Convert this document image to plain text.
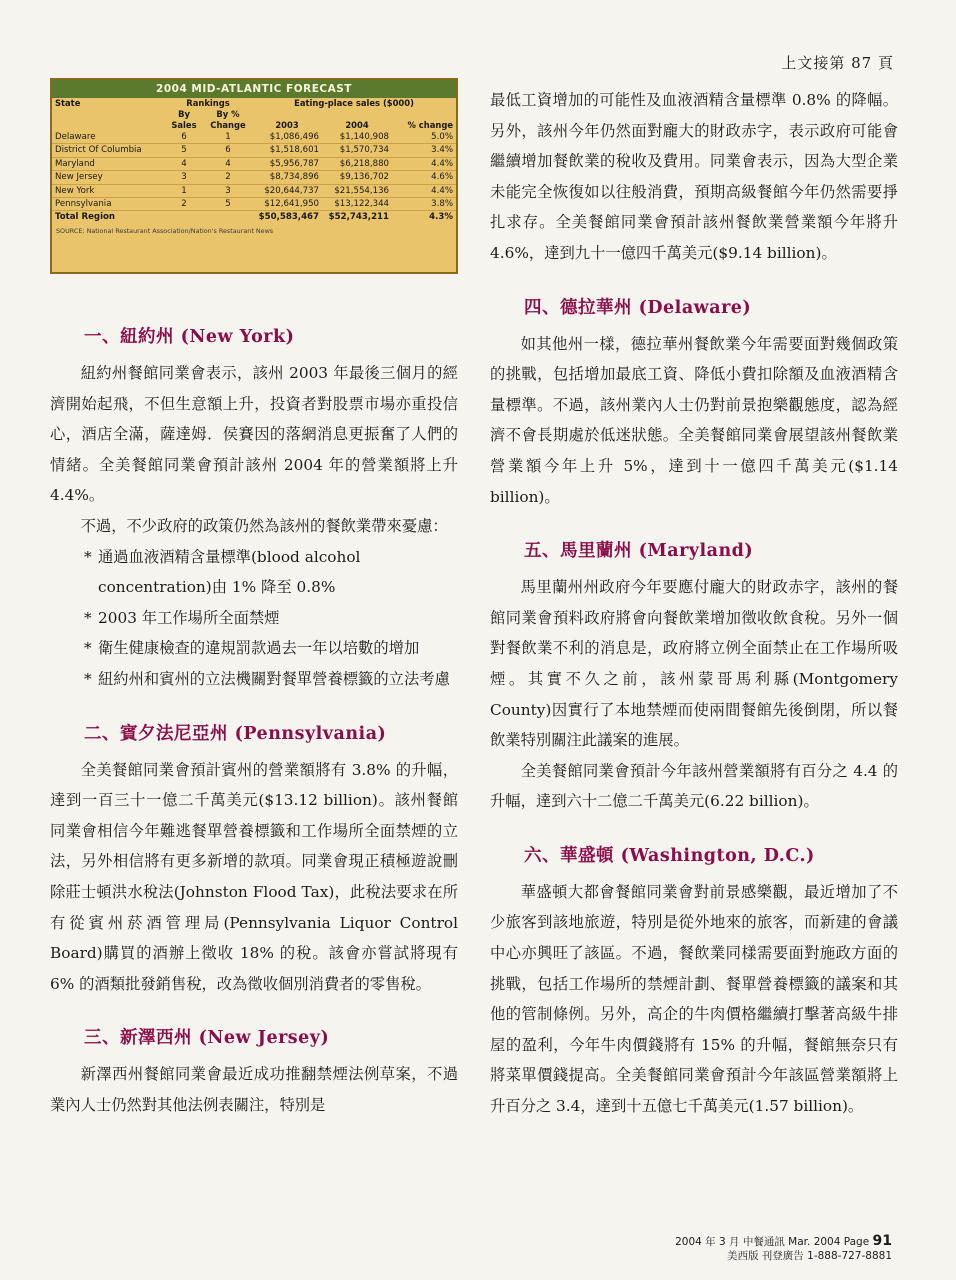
上文接第 87 頁
2004 MID-ATLANTIC FORECAST
State	Rankings		Eating-place sales ($000)		
	By Sales	By % Change	2003	2004	% change
Delaware	6	1	$1,086,496	$1,140,908	5.0%
District Of Columbia	5	6	$1,518,601	$1,570,734	3.4%
Maryland	4	4	$5,956,787	$6,218,880	4.4%
New Jersey	3	2	$8,734,896	$9,136,702	4.6%
New York	1	3	$20,644,737	$21,554,136	4.4%
Pennsylvania	2	5	$12,641,950	$13,122,344	3.8%
Total Region			$50,583,467	$52,743,211	4.3%
SOURCE: National Restaurant Association/Nation's Restaurant News
一、紐約州 (New York)

紐約州餐館同業會表示，該州 2003 年最後三個月的經濟開始起飛，不但生意額上升，投資者對股票市場亦重投信心，酒店全滿，薩達姆．侯賽因的落網消息更振奮了人們的情緒。全美餐館同業會預計該州 2004 年的營業額將上升 4.4%。

不過，不少政府的政策仍然為該州的餐飲業帶來憂慮：

* 通過血液酒精含量標準(blood alcohol concentration)由 1% 降至 0.8%
* 2003 年工作場所全面禁煙
* 衛生健康檢查的違規罰款過去一年以培數的增加
* 紐約州和賓州的立法機關對餐單營養標籤的立法考慮
二、賓夕法尼亞州 (Pennsylvania)

全美餐館同業會預計賓州的營業額將有 3.8% 的升幅，達到一百三十一億二千萬美元($13.12 billion)。該州餐館同業會相信今年難逃餐單營養標籤和工作場所全面禁煙的立法，另外相信將有更多新增的款項。同業會現正積極遊說刪除莊士頓洪水稅法(Johnston Flood Tax)，此稅法要求在所有從賓州菸酒管理局(Pennsylvania Liquor Control Board)購買的酒辦上徵收 18% 的稅。該會亦嘗試將現有 6% 的酒類批發銷售稅，改為徵收個別消費者的零售稅。

三、新澤西州 (New Jersey)

新澤西州餐館同業會最近成功推翻禁煙法例草案，不過業內人士仍然對其他法例表關注，特別是

最低工資增加的可能性及血液酒精含量標準 0.8% 的降幅。另外，該州今年仍然面對龐大的財政赤字，表示政府可能會繼續增加餐飲業的稅收及費用。同業會表示，因為大型企業未能完全恢復如以往般消費，預期高級餐館今年仍然需要掙扎求存。全美餐館同業會預計該州餐飲業營業額今年將升 4.6%，達到九十一億四千萬美元($9.14 billion)。

四、德拉華州 (Delaware)

如其他州一樣，德拉華州餐飲業今年需要面對幾個政策的挑戰，包括增加最底工資、降低小費扣除額及血液酒精含量標準。不過，該州業內人士仍對前景抱樂觀態度，認為經濟不會長期處於低迷狀態。全美餐館同業會展望該州餐飲業營業額今年上升 5%，達到十一億四千萬美元($1.14 billion)。

五、馬里蘭州 (Maryland)

馬里蘭州州政府今年要應付龐大的財政赤字，該州的餐館同業會預料政府將會向餐飲業增加徵收飲食稅。另外一個對餐飲業不利的消息是，政府將立例全面禁止在工作場所吸煙。其實不久之前，該州蒙哥馬利縣(Montgomery County)因實行了本地禁煙而使兩間餐館先後倒閉，所以餐飲業特別關注此議案的進展。

全美餐館同業會預計今年該州營業額將有百分之 4.4 的升幅，達到六十二億二千萬美元(6.22 billion)。

六、華盛頓 (Washington, D.C.)

華盛頓大都會餐館同業會對前景感樂觀，最近增加了不少旅客到該地旅遊，特別是從外地來的旅客，而新建的會議中心亦興旺了該區。不過，餐飲業同樣需要面對施政方面的挑戰，包括工作場所的禁煙計劃、餐單營養標籤的議案和其他的管制條例。另外，高企的牛肉價格繼續打擊著高級牛排屋的盈利，今年牛肉價錢將有 15% 的升幅，餐館無奈只有將菜單價錢提高。全美餐館同業會預計今年該區營業額將上升百分之 3.4，達到十五億七千萬美元(1.57 billion)。

2004 年 3 月 中餐通訊 Mar. 2004 Page 91
美西版 刊登廣告 1-888-727-8881
